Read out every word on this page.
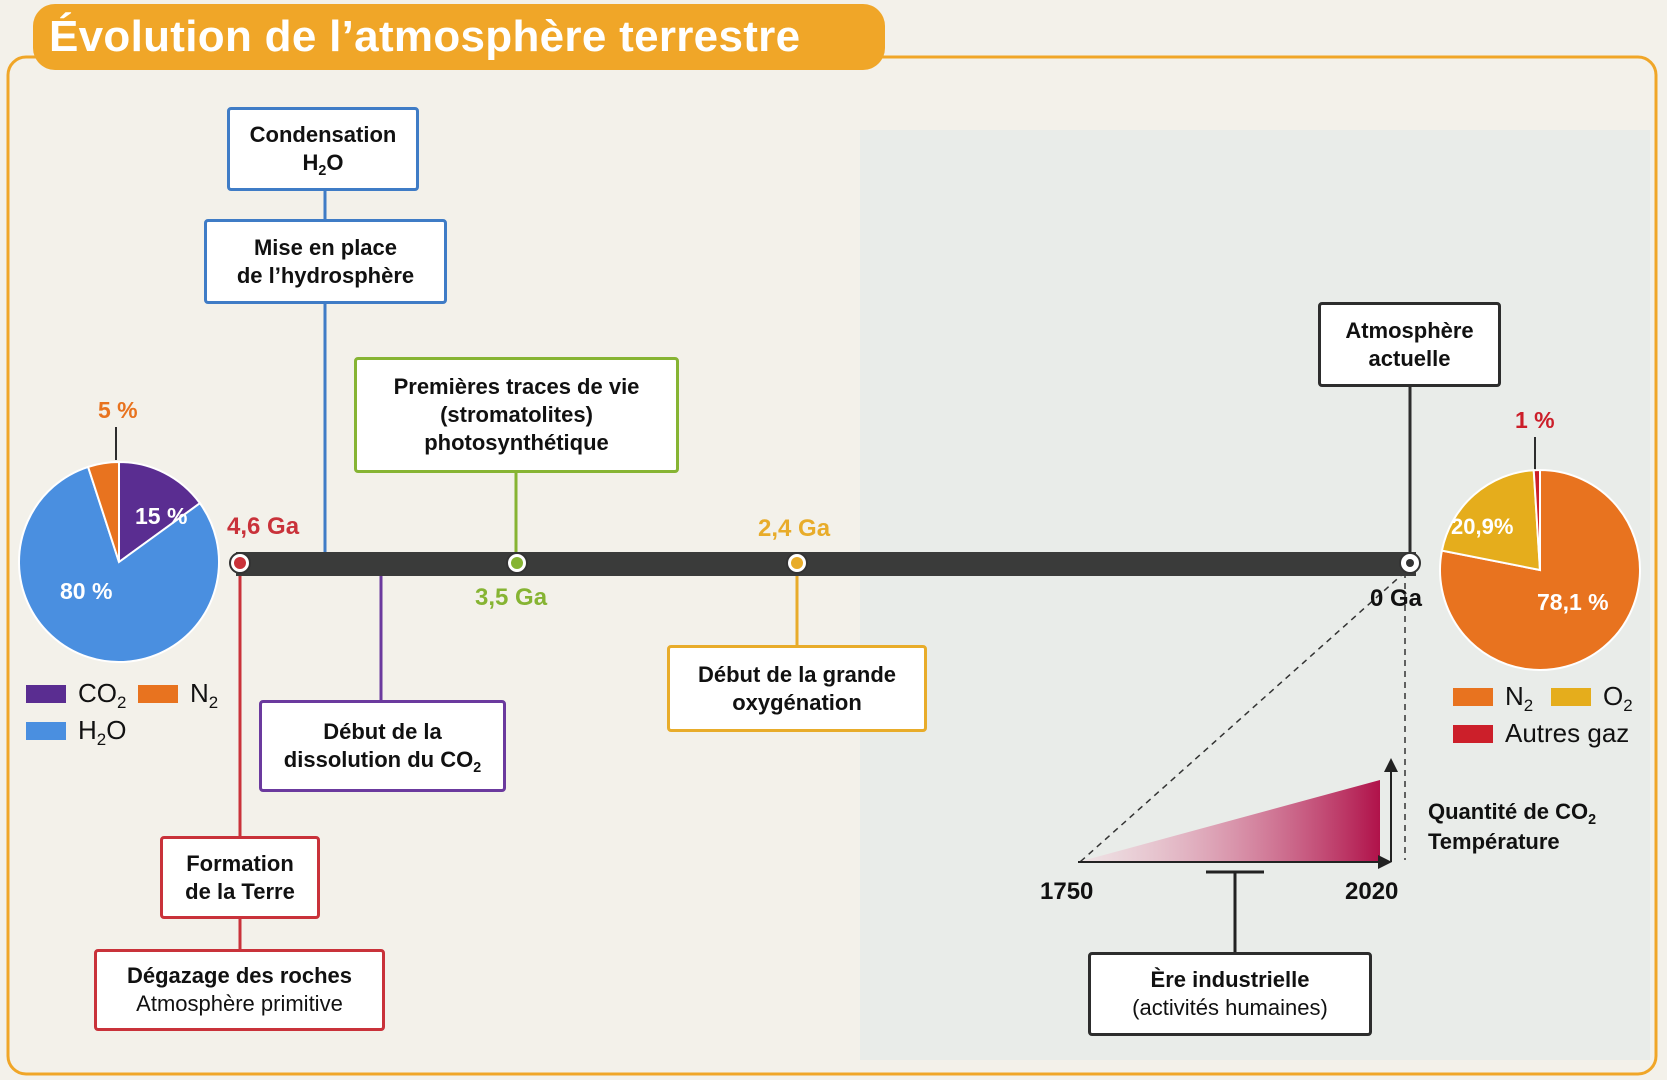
Évolution de l’atmosphère terrestre
Condensation
$H_2O$
Mise en place
de l’hydrosphère
Premières traces de vie
(stromatolites)
photosynthétique
Atmosphère
actuelle
Début de la grande
oxygénation
Début de la
dissolution du $CO_2$
Formation
de la Terre
Dégazage des roches
Atmosphère primitive
Ère industrielle
(activités humaines)
4,6 Ga
3,5 Ga
2,4 Ga
0 Ga
5 %
15 %
80 %
1 %
20,9%
78,1 %
$CO_2$ $N_2$
$H_2O$
$N_2$	$O_2$
Autres gaz
1750	2020
Quantité de $CO_2$
Température
